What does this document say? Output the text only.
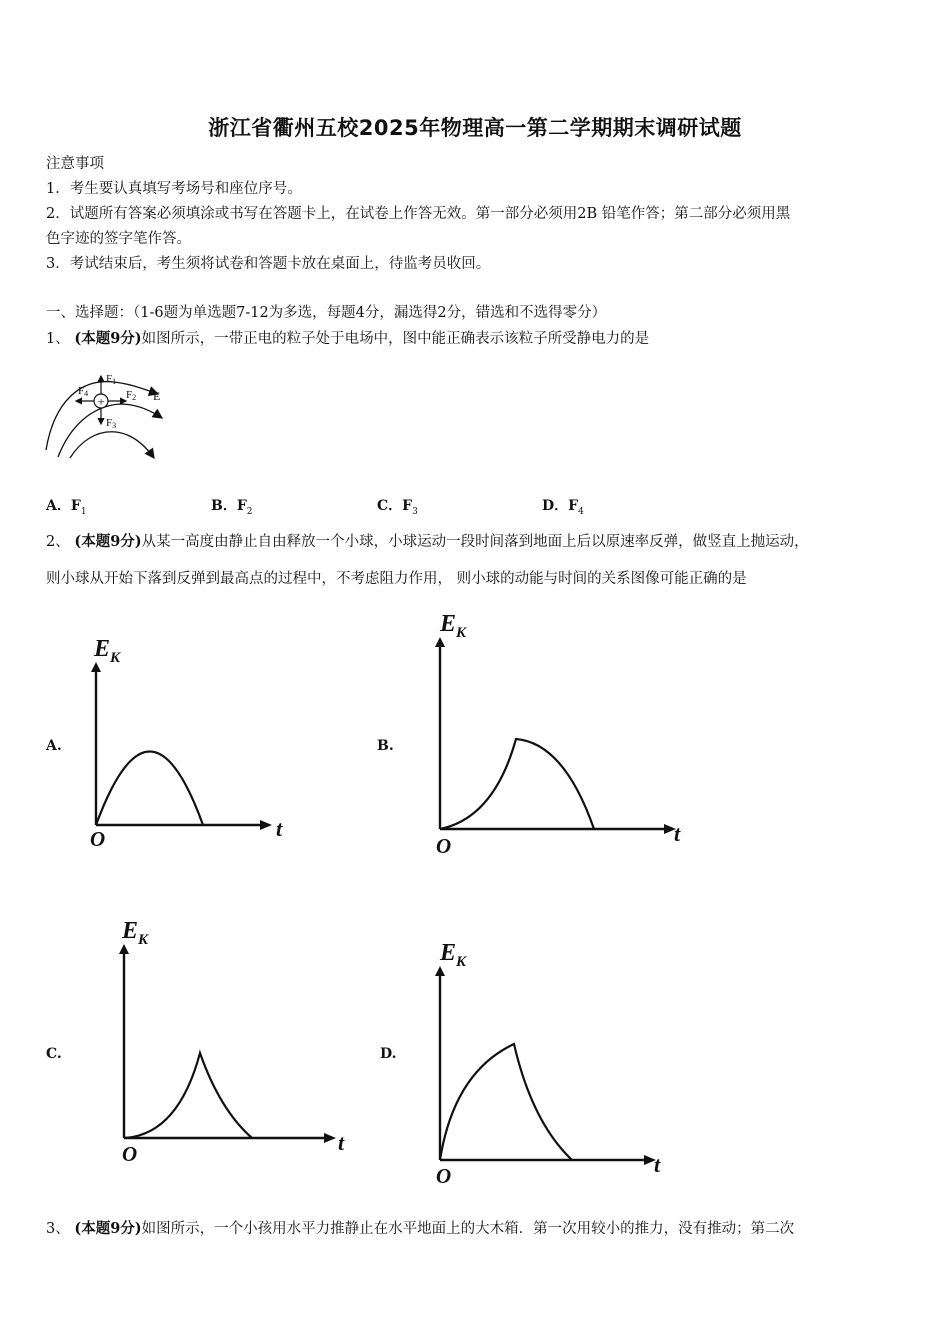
浙江省衢州五校2025年物理高一第二学期期末调研试题
注意事项
1．考生要认真填写考场号和座位序号。
2．试题所有答案必须填涂或书写在答题卡上，在试卷上作答无效。第一部分必须用2B 铅笔作答；第二部分必须用黑
色字迹的签字笔作答。
3．考试结束后，考生须将试卷和答题卡放在桌面上，待监考员收回。
一、选择题：（1-6题为单选题7-12为多选，每题4分，漏选得2分，错选和不选得零分）
1、 (本题9分)如图所示，一带正电的粒子处于电场中，图中能正确表示该粒子所受静电力的是
+
F1
F2
F3
F4	E
A．$F_1$	B．$F_2$	C．$F_3$	D．$F_4$
2、 (本题9分)从某一高度由静止自由释放一个小球，小球运动一段时间落到地面上后以原速率反弹，做竖直上抛运动，
则小球从开始下落到反弹到最高点的过程中，不考虑阻力作用， 则小球的动能与时间的关系图像可能正确的是
A.
$E_K$
t
O
B.
$E_K$
t
O
C.
$E_K$
t
O
D.
$E_K$
t
O
3、 (本题9分)如图所示，一个小孩用水平力推静止在水平地面上的大木箱．第一次用较小的推力，没有推动；第二次
